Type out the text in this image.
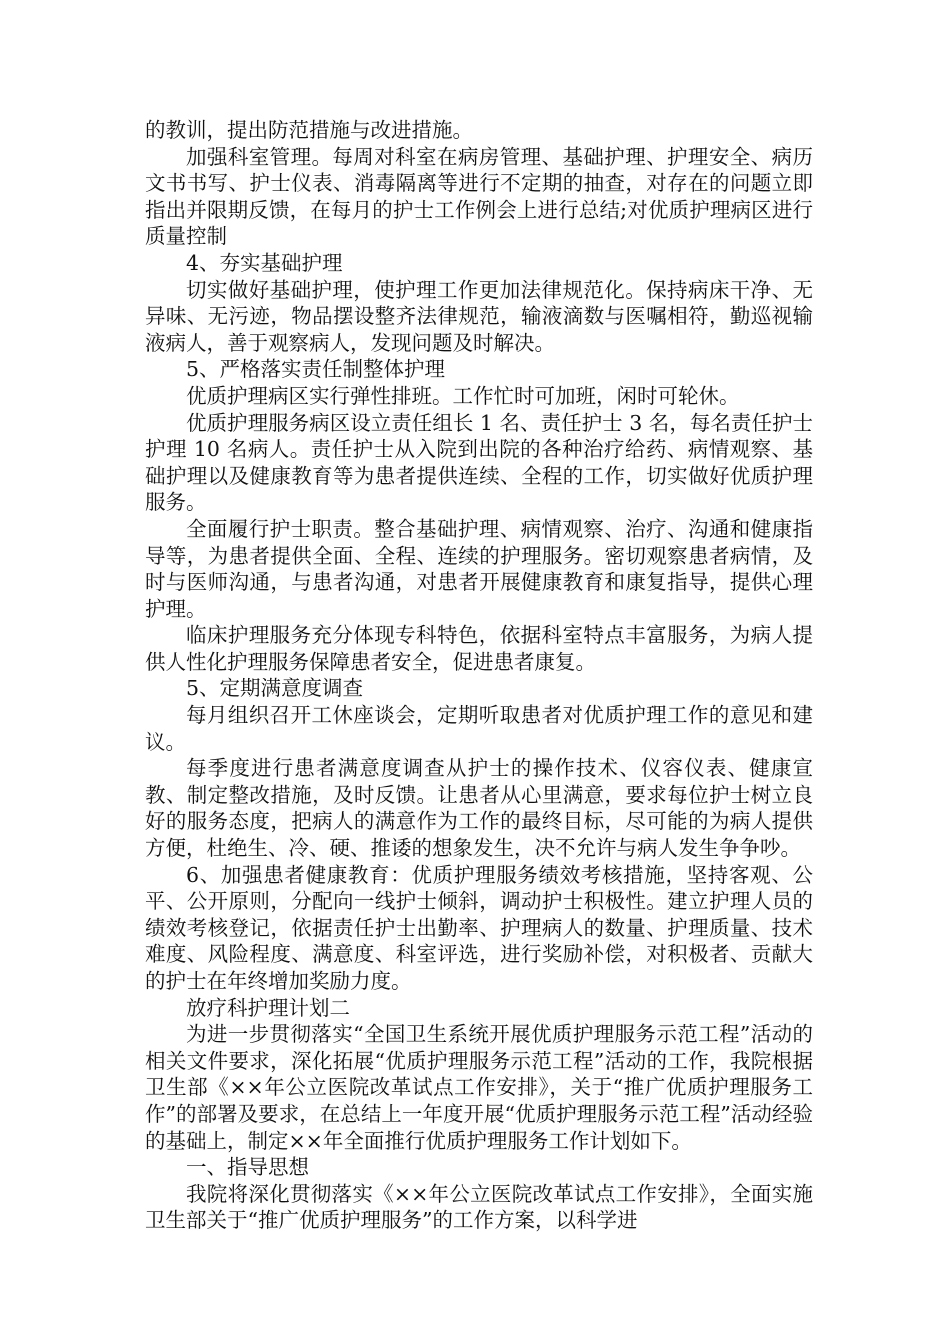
的教训，提出防范措施与改进措施。

加强科室管理。每周对科室在病房管理、基础护理、护理安全、病历文书书写、护士仪表、消毒隔离等进行不定期的抽查，对存在的问题立即指出并限期反馈，在每月的护士工作例会上进行总结;对优质护理病区进行质量控制

4、夯实基础护理

切实做好基础护理，使护理工作更加法律规范化。保持病床干净、无异味、无污迹，物品摆设整齐法律规范，输液滴数与医嘱相符，勤巡视输液病人，善于观察病人，发现问题及时解决。

5、严格落实责任制整体护理

优质护理病区实行弹性排班。工作忙时可加班，闲时可轮休。

优质护理服务病区设立责任组长 1 名、责任护士 3 名，每名责任护士护理 10 名病人。责任护士从入院到出院的各种治疗给药、病情观察、基础护理以及健康教育等为患者提供连续、全程的工作，切实做好优质护理服务。

全面履行护士职责。整合基础护理、病情观察、治疗、沟通和健康指导等，为患者提供全面、全程、连续的护理服务。密切观察患者病情，及时与医师沟通，与患者沟通，对患者开展健康教育和康复指导，提供心理护理。

临床护理服务充分体现专科特色，依据科室特点丰富服务，为病人提供人性化护理服务保障患者安全，促进患者康复。

5、定期满意度调查

每月组织召开工休座谈会，定期听取患者对优质护理工作的意见和建议。

每季度进行患者满意度调查从护士的操作技术、仪容仪表、健康宣教、制定整改措施，及时反馈。让患者从心里满意，要求每位护士树立良好的服务态度，把病人的满意作为工作的最终目标，尽可能的为病人提供方便，杜绝生、冷、硬、推诿的想象发生，决不允许与病人发生争争吵。

6、加强患者健康教育：优质护理服务绩效考核措施，坚持客观、公平、公开原则，分配向一线护士倾斜，调动护士积极性。建立护理人员的绩效考核登记，依据责任护士出勤率、护理病人的数量、护理质量、技术难度、风险程度、满意度、科室评选，进行奖励补偿，对积极者、贡献大的护士在年终增加奖励力度。

放疗科护理计划二

为进一步贯彻落实“全国卫生系统开展优质护理服务示范工程”活动的相关文件要求，深化拓展“优质护理服务示范工程”活动的工作，我院根据卫生部《××年公立医院改革试点工作安排》，关于“推广优质护理服务工作”的部署及要求，在总结上一年度开展“优质护理服务示范工程”活动经验的基础上，制定××年全面推行优质护理服务工作计划如下。

一、指导思想

我院将深化贯彻落实《××年公立医院改革试点工作安排》，全面实施卫生部关于“推广优质护理服务”的工作方案，以科学进
